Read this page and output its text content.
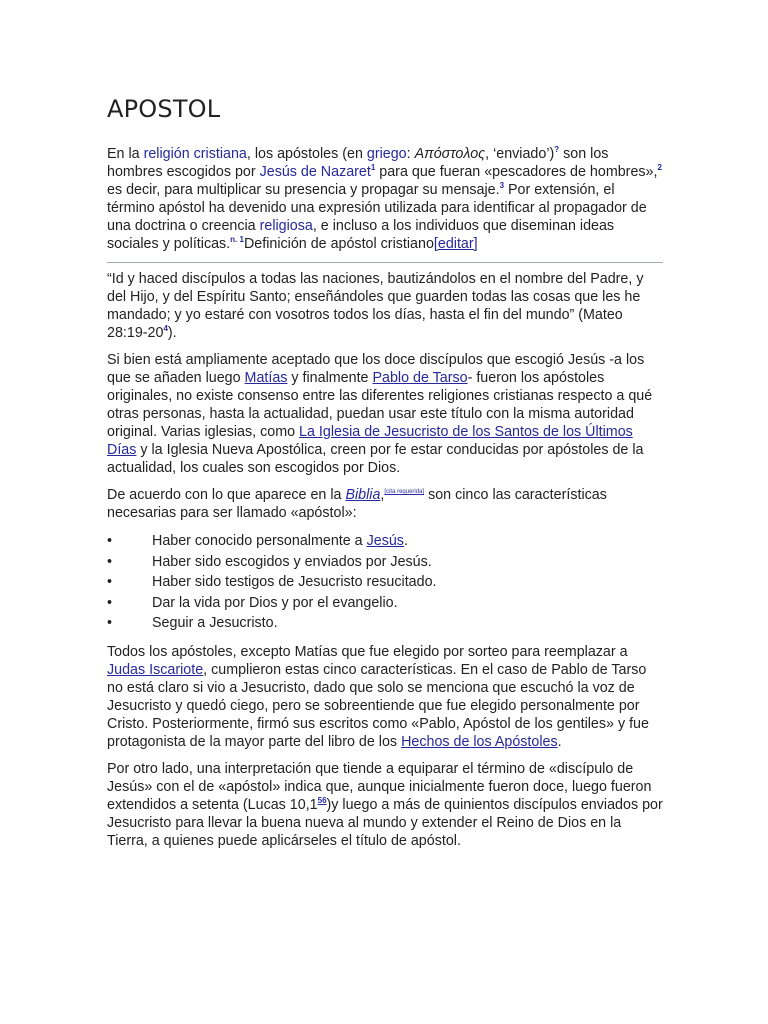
APOSTOL

En la religión cristiana, los apóstoles (en griego: Απόστολος, ‘enviado’)? son los hombres escogidos por Jesús de Nazaret$^1$ para que fueran «pescadores de hombres»,$^2$ es decir, para multiplicar su presencia y propagar su mensaje.$^3$ Por extensión, el término apóstol ha devenido una expresión utilizada para identificar al propagador de una doctrina o creencia religiosa, e incluso a los individuos que diseminan ideas sociales y políticas.$^{n. 1}$Definición de apóstol cristiano[editar]

“Id y haced discípulos a todas las naciones, bautizándolos en el nombre del Padre, y del Hijo, y del Espíritu Santo; enseñándoles que guarden todas las cosas que les he mandado; y yo estaré con vosotros todos los días, hasta el fin del mundo” (Mateo $28:19-20^4$).

Si bien está ampliamente aceptado que los doce discípulos que escogió Jesús -a los que se añaden luego Matías y finalmente Pablo de Tarso- fueron los apóstoles originales, no existe consenso entre las diferentes religiones cristianas respecto a qué otras personas, hasta la actualidad, puedan usar este título con la misma autoridad original. Varias iglesias, como La Iglesia de Jesucristo de los Santos de los Últimos Días y la Iglesia Nueva Apostólica, creen por fe estar conducidas por apóstoles de la actualidad, los cuales son escogidos por Dios.

De acuerdo con lo que aparece en la Biblia,[cita requerida] son cinco las características necesarias para ser llamado «apóstol»:

•	Haber conocido personalmente a Jesús.
•	Haber sido escogidos y enviados por Jesús.
•	Haber sido testigos de Jesucristo resucitado.
•	Dar la vida por Dios y por el evangelio.
•	Seguir a Jesucristo.

Todos los apóstoles, excepto Matías que fue elegido por sorteo para reemplazar a Judas Iscariote, cumplieron estas cinco características. En el caso de Pablo de Tarso no está claro si vio a Jesucristo, dado que solo se menciona que escuchó la voz de Jesucristo y quedó ciego, pero se sobreentiende que fue elegido personalmente por Cristo. Posteriormente, firmó sus escritos como «Pablo, Apóstol de los gentiles» y fue protagonista de la mayor parte del libro de los Hechos de los Apóstoles.

Por otro lado, una interpretación que tiende a equiparar el término de «discípulo de Jesús» con el de «apóstol» indica que, aunque inicialmente fueron doce, luego fueron extendidos a setenta (Lucas 10,1$^{56}$)y luego a más de quinientos discípulos enviados por Jesucristo para llevar la buena nueva al mundo y extender el Reino de Dios en la Tierra, a quienes puede aplicárseles el título de apóstol.
